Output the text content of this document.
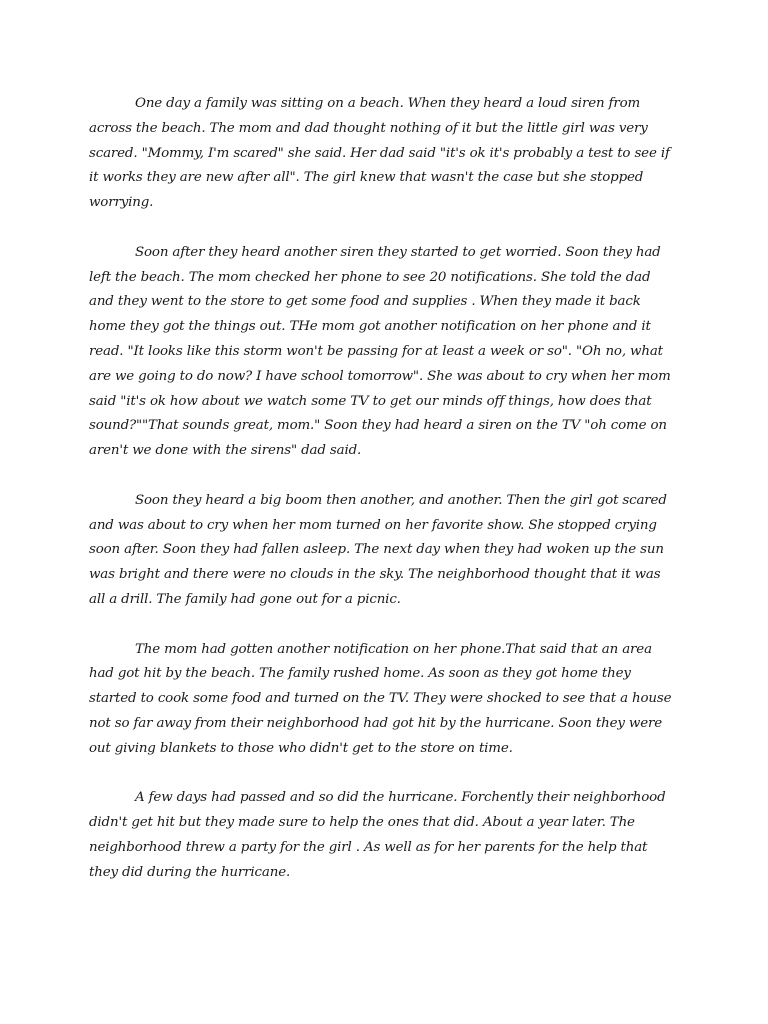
One day a family was sitting on a beach. When they heard a loud siren from across the beach. The mom and dad thought nothing of it but the little girl was very scared. "Mommy, I'm scared" she said. Her dad said "it's ok it's probably a test to see if it works they are new after all". The girl knew that wasn't the case but she stopped worrying.

Soon after they heard another siren they started to get worried. Soon they had left the beach. The mom checked her phone to see 20 notifications. She told the dad and they went to the store to get some food and supplies . When they made it back home they got the things out. THe mom got another notification on her phone and it read. "It looks like this storm won't be passing for at least a week or so". "Oh no, what are we going to do now? I have school tomorrow". She was about to cry when her mom said "it's ok how about we watch some TV to get our minds off things, how does that sound?""That sounds great, mom." Soon they had heard a siren on the TV "oh come on aren't we done with the sirens" dad said.

Soon they heard a big boom then another, and another. Then the girl got scared and was about to cry when her mom turned on her favorite show. She stopped crying soon after. Soon they had fallen asleep. The next day when they had woken up the sun was bright and there were no clouds in the sky. The neighborhood thought that it was all a drill. The family had gone out for a picnic.

The mom had gotten another notification on her phone.That said that an area had got hit by the beach. The family rushed home. As soon as they got home they started to cook some food and turned on the TV. They were shocked to see that a house not so far away from their neighborhood had got hit by the hurricane. Soon they were out giving blankets to those who didn't get to the store on time.

A few days had passed and so did the hurricane. Forchently their neighborhood didn't get hit but they made sure to help the ones that did. About a year later. The neighborhood threw a party for the girl . As well as for her parents for the help that they did during the hurricane.
